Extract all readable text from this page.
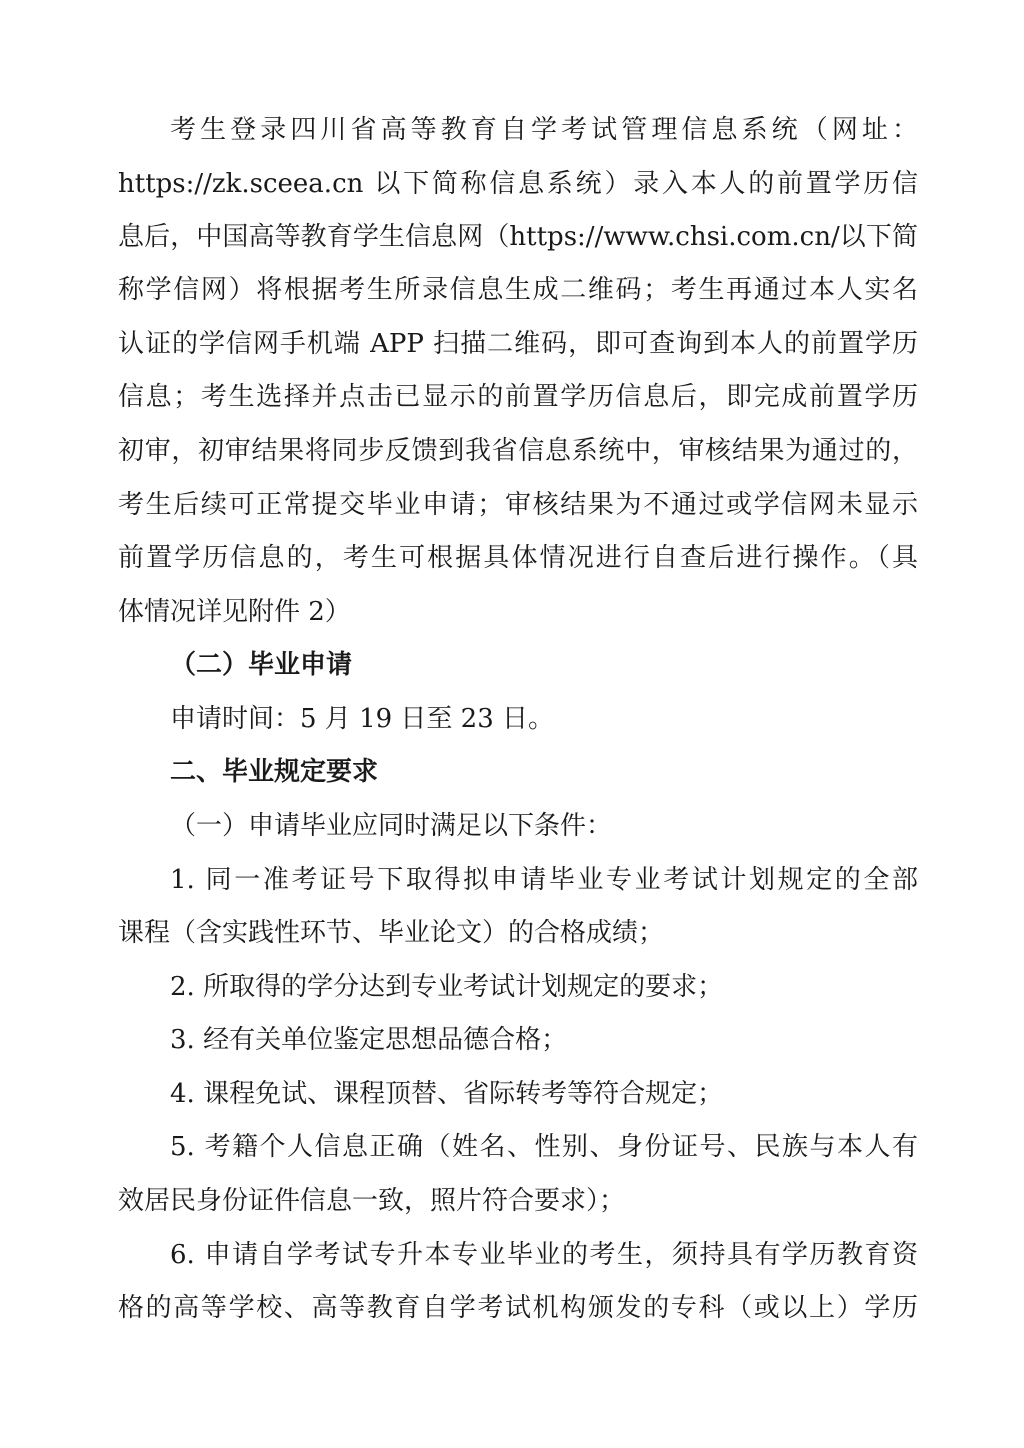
考生登录四川省高等教育自学考试管理信息系统（网址：
https://zk.sceea.cn 以下简称信息系统）录入本人的前置学历信
息后，中国高等教育学生信息网（https://www.chsi.com.cn/以下简
称学信网）将根据考生所录信息生成二维码；考生再通过本人实名
认证的学信网手机端 APP 扫描二维码，即可查询到本人的前置学历
信息；考生选择并点击已显示的前置学历信息后，即完成前置学历
初审，初审结果将同步反馈到我省信息系统中，审核结果为通过的，
考生后续可正常提交毕业申请；审核结果为不通过或学信网未显示
前置学历信息的，考生可根据具体情况进行自查后进行操作。（具
体情况详见附件 2）
（二）毕业申请
申请时间：5 月 19 日至 23 日。
二、毕业规定要求
（一）申请毕业应同时满足以下条件：
1. 同一准考证号下取得拟申请毕业专业考试计划规定的全部
课程（含实践性环节、毕业论文）的合格成绩；
2. 所取得的学分达到专业考试计划规定的要求；
3. 经有关单位鉴定思想品德合格；
4. 课程免试、课程顶替、省际转考等符合规定；
5. 考籍个人信息正确（姓名、性别、身份证号、民族与本人有
效居民身份证件信息一致，照片符合要求）；
6. 申请自学考试专升本专业毕业的考生，须持具有学历教育资
格的高等学校、高等教育自学考试机构颁发的专科（或以上）学历
